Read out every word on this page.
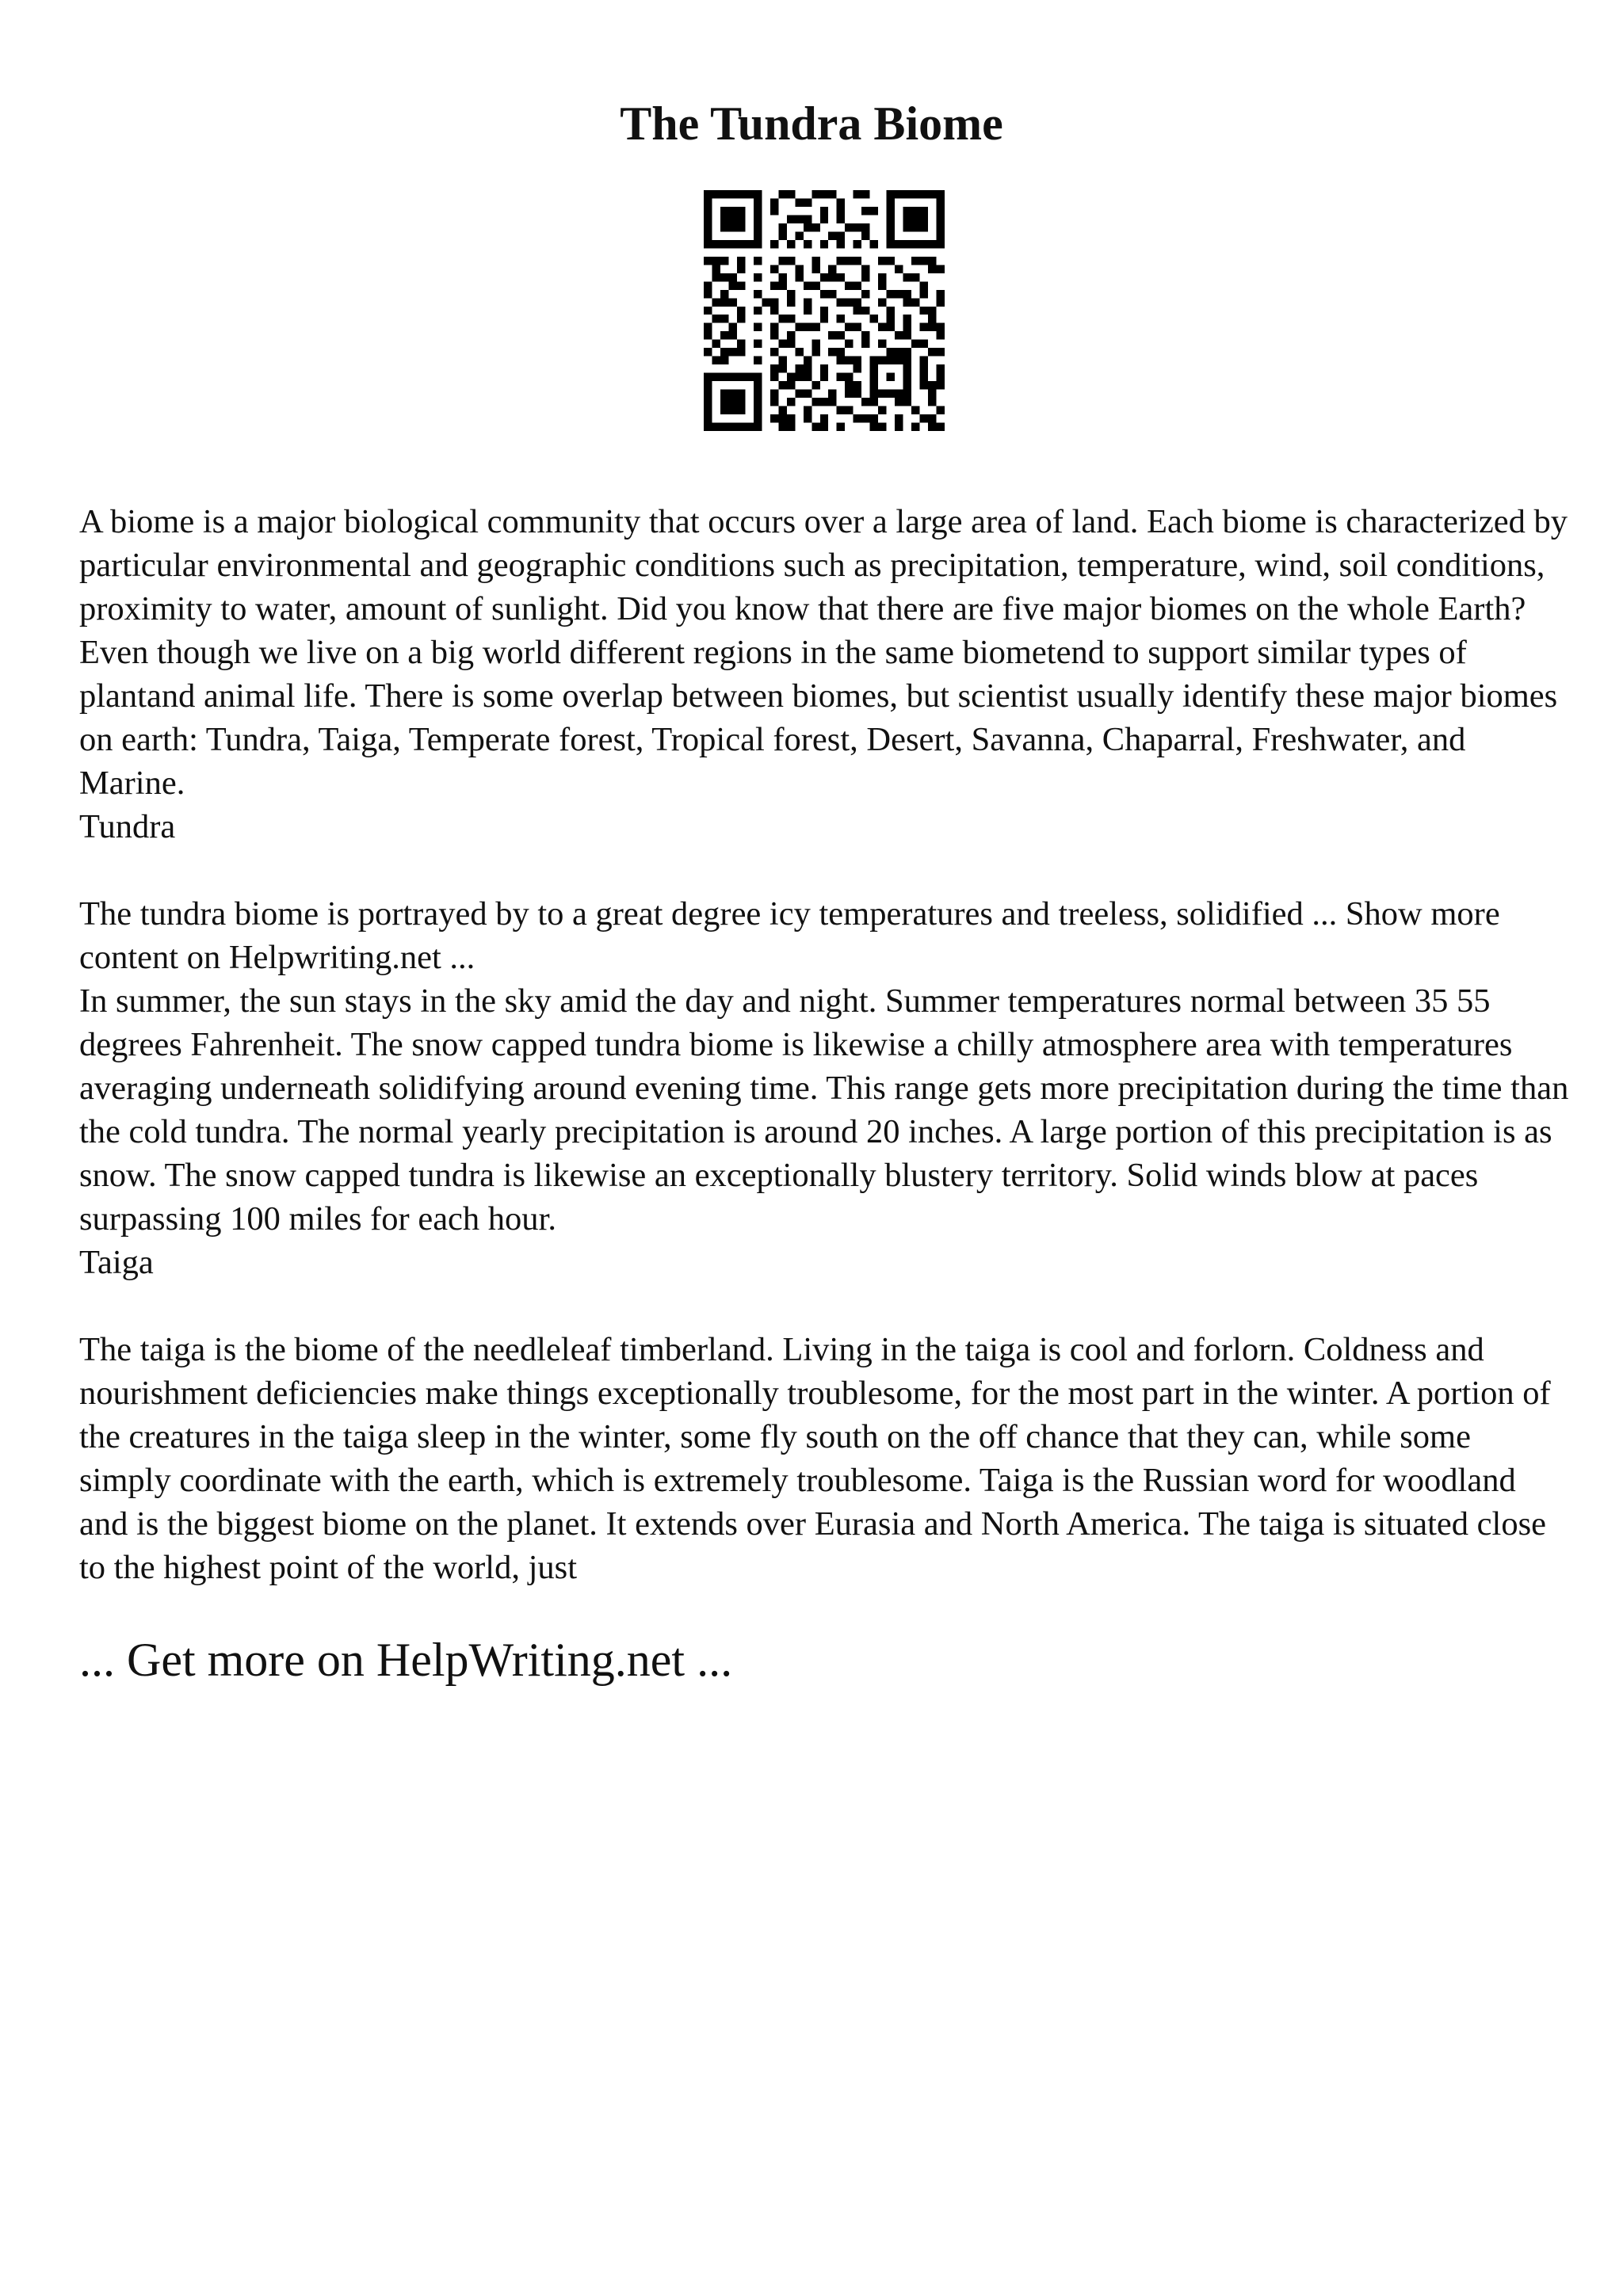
The Tundra Biome

A biome is a major biological community that occurs over a large area of land. Each biome is characterized by particular environmental and geographic conditions such as precipitation, temperature, wind, soil conditions, proximity to water, amount of sunlight. Did you know that there are five major biomes on the whole Earth? Even though we live on a big world different regions in the same biometend to support similar types of plantand animal life. There is some overlap between biomes, but scientist usually identify these major biomes on earth: Tundra, Taiga, Temperate forest, Tropical forest, Desert, Savanna, Chaparral, Freshwater, and Marine.

Tundra

The tundra biome is portrayed by to a great degree icy temperatures and treeless, solidified ... Show more content on Helpwriting.net ...

In summer, the sun stays in the sky amid the day and night. Summer temperatures normal between 35 55 degrees Fahrenheit. The snow capped tundra biome is likewise a chilly atmosphere area with temperatures averaging underneath solidifying around evening time. This range gets more precipitation during the time than the cold tundra. The normal yearly precipitation is around 20 inches. A large portion of this precipitation is as snow. The snow capped tundra is likewise an exceptionally blustery territory. Solid winds blow at paces surpassing 100 miles for each hour.

Taiga

The taiga is the biome of the needleleaf timberland. Living in the taiga is cool and forlorn. Coldness and nourishment deficiencies make things exceptionally troublesome, for the most part in the winter. A portion of the creatures in the taiga sleep in the winter, some fly south on the off chance that they can, while some simply coordinate with the earth, which is extremely troublesome. Taiga is the Russian word for woodland and is the biggest biome on the planet. It extends over Eurasia and North America. The taiga is situated close to the highest point of the world, just

... Get more on HelpWriting.net ...
